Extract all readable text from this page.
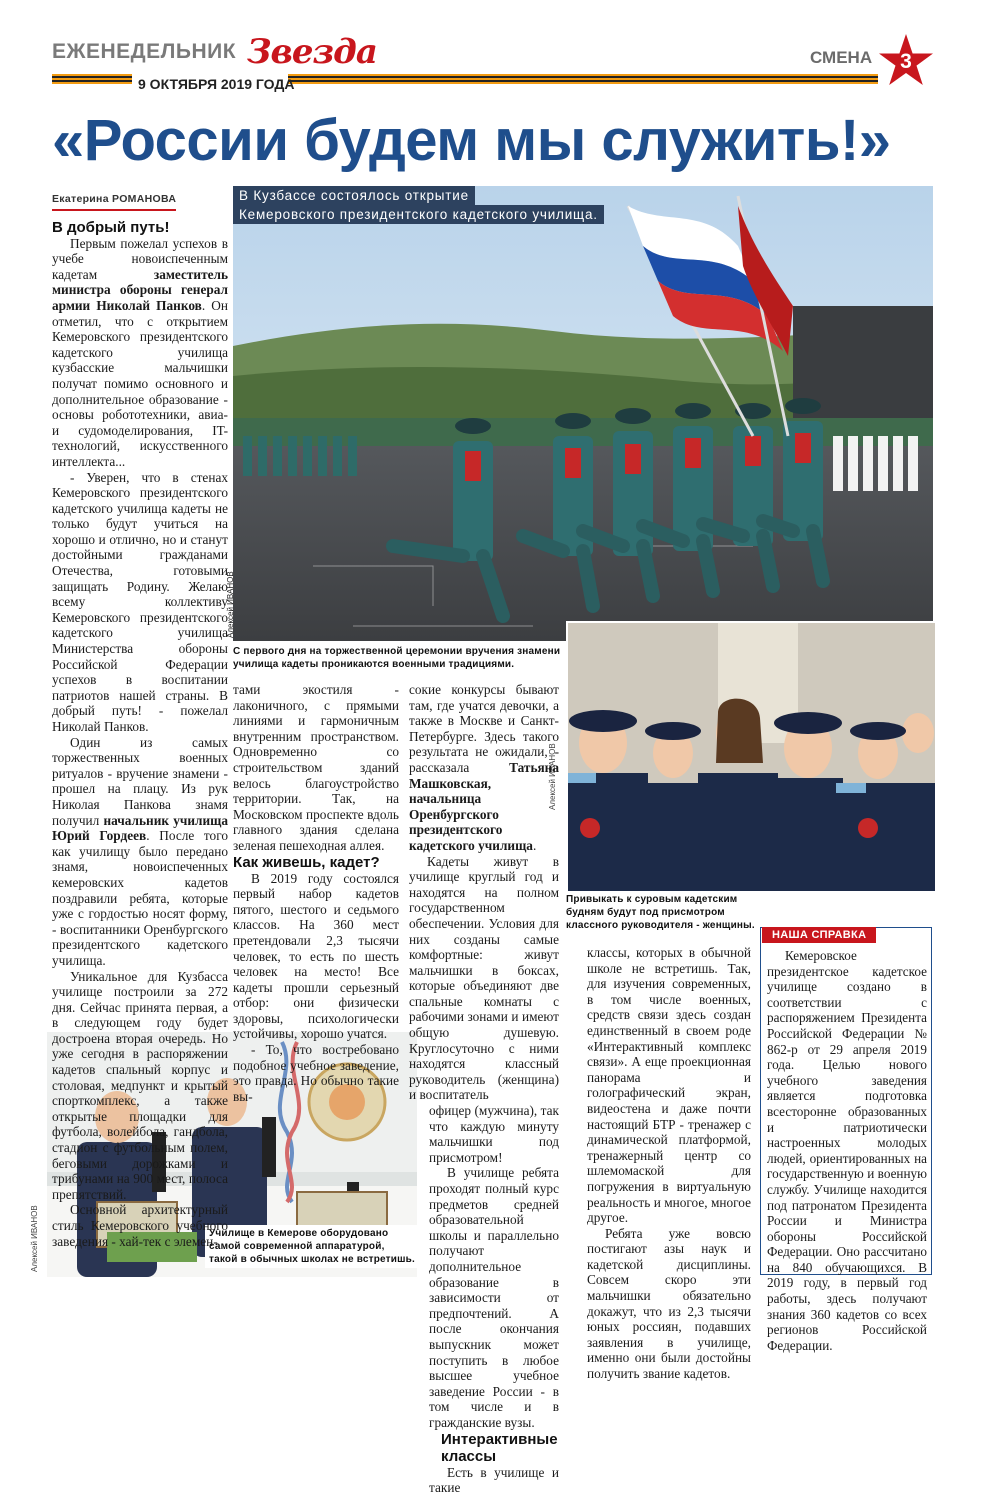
ЕЖЕНЕДЕЛЬНИК Звезда
9 ОКТЯБРЯ 2019 ГОДА
СМЕНА	3
«России будем мы служить!»
В Кузбассе состоялось открытие
Кемеровского президентского кадетского училища.
Алексей ИВАНОВ
С первого дня на торжественной церемонии вручения знамени училища кадеты проникаются военными традициями.
Алексей ИВАНОВ
Привыкать к суровым кадетским будням будут под присмотром классного руководителя - женщины.
Алексей ИВАНОВ	Училище в Кемерове оборудовано самой современной аппаратурой, такой в обычных школах не встретишь.
Екатерина РОМАНОВА

В добрый путь!

Первым пожелал успехов в учебе новоиспеченным кадетам заместитель министра обороны генерал армии Николай Панков. Он отметил, что с открытием Кемеровского президентского кадетского училища кузбасские мальчишки получат помимо основного и дополнительное образование - основы робототехники, авиа- и судомоделирования, IT-технологий, искусственного интеллекта...

- Уверен, что в стенах Кемеровского президентского кадетского училища кадеты не только будут учиться на хорошо и отлично, но и станут достойными гражданами Отечества, готовыми защищать Родину. Желаю всему коллективу Кемеровского президентского кадетского училища Министерства обороны Российской Федерации успехов в воспитании патриотов нашей страны. В добрый путь! - пожелал Николай Панков.

Один из самых торжественных военных ритуалов - вручение знамени - прошел на плацу. Из рук Николая Панкова знамя получил начальник училища Юрий Гордеев. После того как училищу было передано знамя, новоиспеченных кемеровских кадетов поздравили ребята, которые уже с гордостью носят форму, - воспитанники Оренбургского президентского кадетского училища.

Уникальное для Кузбасса училище построили за 272 дня. Сейчас принята первая, а в следующем году будет достроена вторая очередь. Но уже сегодня в распоряжении кадетов спальный корпус и столовая, медпункт и крытый спорткомплекс, а также открытые площадки для футбола, волейбола, гандбола, стадион с футбольным полем, беговыми дорожками и трибунами на 900 мест, полоса препятствий.

Основной архитектурный стиль Кемеровского учебного заведения - хай-тек с элемен-

тами экостиля - лаконичного, с прямыми линиями и гармоничным внутренним пространством. Одновременно со строительством зданий велось благоустройство территории. Так, на Московском проспекте вдоль главного здания сделана зеленая пешеходная аллея.

Как живешь, кадет?

В 2019 году состоялся первый набор кадетов пятого, шестого и седьмого классов. На 360 мест претендовали 2,3 тысячи человек, то есть по шесть человек на место! Все кадеты прошли серьезный отбор: они физически здоровы, психологически устойчивы, хорошо учатся.

- То, что востребовано подобное учебное заведение, это правда. Но обычно такие вы-

сокие конкурсы бывают там, где учатся девочки, а также в Москве и Санкт-Петербурге. Здесь такого результата не ожидали, - рассказала Татьяна Машковская, начальница Оренбургского президентского кадетского училища.

Кадеты живут в училище круглый год и находятся на полном государственном обеспечении. Условия для них созданы самые комфортные: живут мальчишки в боксах, которые объединяют две спальные комнаты с рабочими зонами и имеют общую душевую. Круглосуточно с ними находятся классный руководитель (женщина) и воспитатель

офицер (мужчина), так что каждую минуту мальчишки под присмотром!

В училище ребята проходят полный курс предметов средней образовательной школы и параллельно получают дополнительное образование в зависимости от предпочтений. А после окончания выпускник может поступить в любое высшее учебное заведение России - в том числе и в гражданские вузы.

Интерактивные классы

Есть в училище и такие

классы, которых в обычной школе не встретишь. Так, для изучения современных, в том числе военных, средств связи здесь создан единственный в своем роде «Интерактивный комплекс связи». А еще проекционная панорама и голографический экран, видеостена и даже почти настоящий БТР - тренажер с динамической платформой, тренажерный центр со шлемомаской для погружения в виртуальную реальность и многое, многое другое.

Ребята уже вовсю постигают азы наук и кадетской дисциплины. Совсем скоро эти мальчишки обязательно докажут, что из 2,3 тысячи юных россиян, подавших заявления в училище, именно они были достойны получить звание кадетов.

НАША СПРАВКА

Кемеровское президентское кадетское училище создано в соответствии с распоряжением Президента Российской Федерации № 862-р от 29 апреля 2019 года. Целью нового учебного заведения является подготовка всесторонне образованных и патриотически настроенных молодых людей, ориентированных на государственную и военную службу. Училище находится под патронатом Президента России и Министра обороны Российской Федерации. Оно рассчитано на 840 обучающихся. В 2019 году, в первый год работы, здесь получают знания 360 кадетов со всех регионов Российской Федерации.
